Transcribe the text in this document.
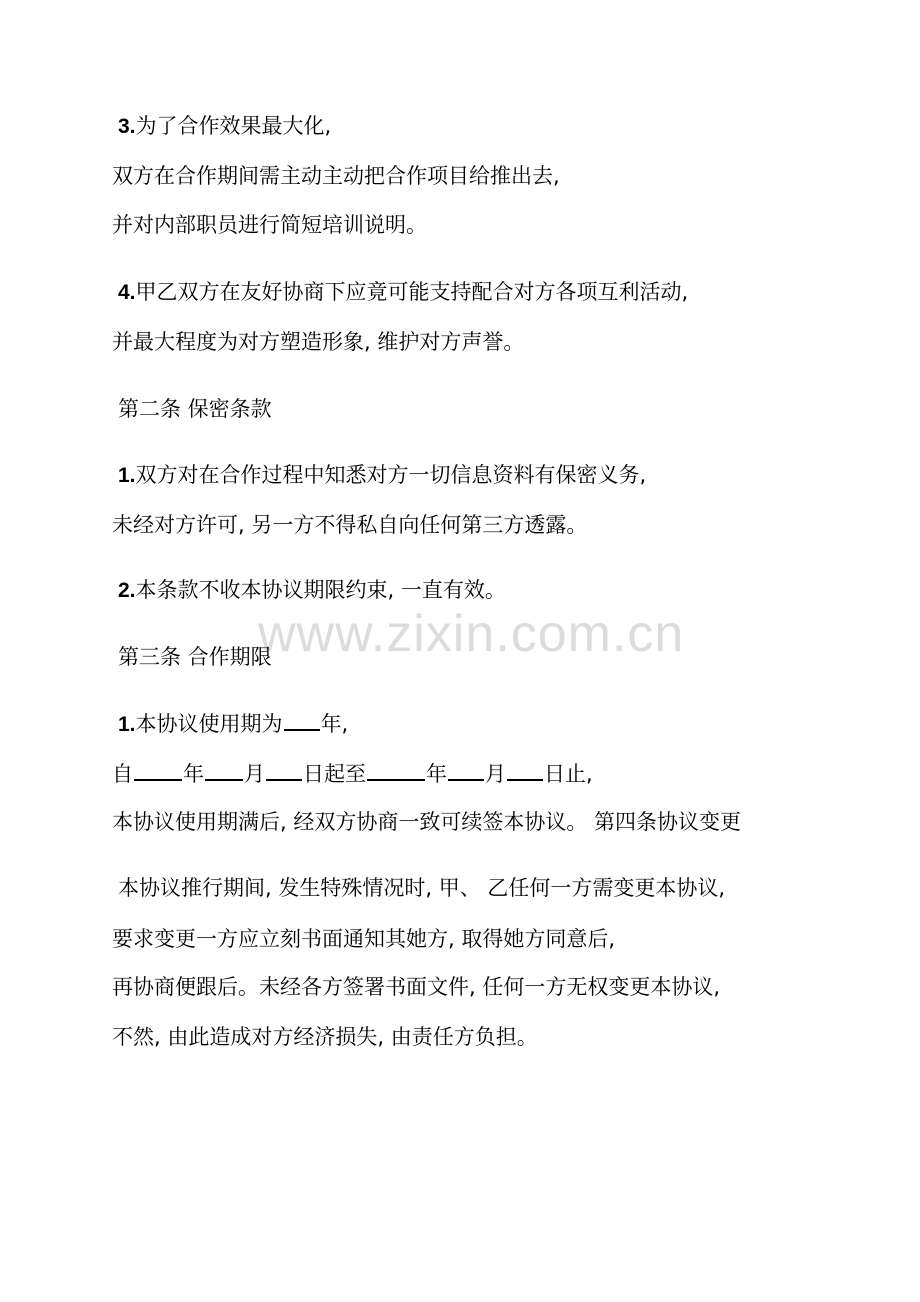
www.zixin.com.cn
3.为了合作效果最大化,
双方在合作期间需主动主动把合作项目给推出去,
并对内部职员进行简短培训说明。
4.甲乙双方在友好协商下应竟可能支持配合对方各项互利活动,
并最大程度为对方塑造形象, 维护对方声誉。
第二条 保密条款
1.双方对在合作过程中知悉对方一切信息资料有保密义务,
未经对方许可, 另一方不得私自向任何第三方透露。
2.本条款不收本协议期限约束, 一直有效。
第三条 合作期限
1.本协议使用期为 年,
自 年 月 日起至	年 月 日止,
本协议使用期满后, 经双方协商一致可续签本协议。 第四条协议变更
本协议推行期间, 发生特殊情况时, 甲、 乙任何一方需变更本协议,
要求变更一方应立刻书面通知其她方, 取得她方同意后,
再协商便跟后。未经各方签署书面文件, 任何一方无权变更本协议,
不然, 由此造成对方经济损失, 由责任方负担。
